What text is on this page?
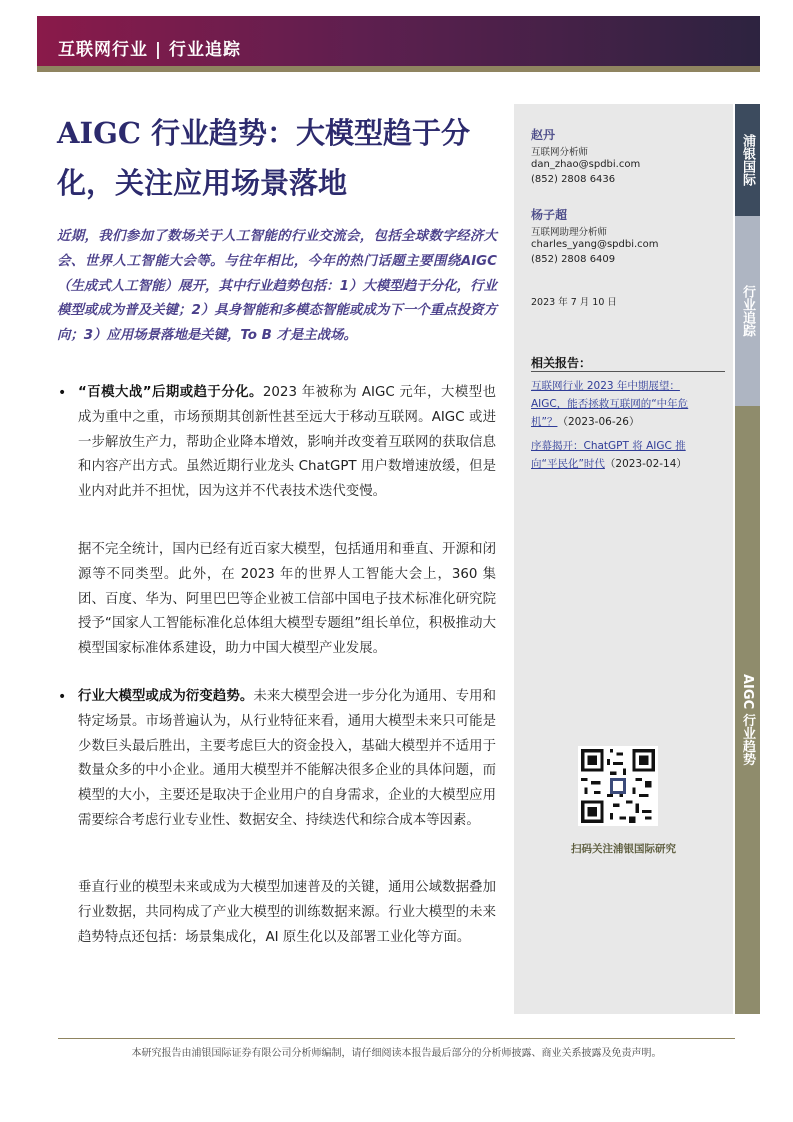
互联网行业 | 行业追踪
AIGC 行业趋势：大模型趋于分化，关注应用场景落地
近期，我们参加了数场关于人工智能的行业交流会，包括全球数字经济大会、世界人工智能大会等。与往年相比，今年的热门话题主要围绕AIGC（生成式人工智能）展开，其中行业趋势包括：1）大模型趋于分化，行业模型或成为普及关键；2）具身智能和多模态智能或成为下一个重点投资方向；3）应用场景落地是关键，To B 才是主战场。
• “百模大战”后期或趋于分化。2023 年被称为 AIGC 元年，大模型也成为重中之重，市场预期其创新性甚至远大于移动互联网。AIGC 或进一步解放生产力，帮助企业降本增效，影响并改变着互联网的获取信息和内容产出方式。虽然近期行业龙头 ChatGPT 用户数增速放缓，但是业内对此并不担忧，因为这并不代表技术迭代变慢。
据不完全统计，国内已经有近百家大模型，包括通用和垂直、开源和闭源等不同类型。此外，在 2023 年的世界人工智能大会上，360 集团、百度、华为、阿里巴巴等企业被工信部中国电子技术标准化研究院授予“国家人工智能标准化总体组大模型专题组”组长单位，积极推动大模型国家标准体系建设，助力中国大模型产业发展。
• 行业大模型或成为衍变趋势。未来大模型会进一步分化为通用、专用和特定场景。市场普遍认为，从行业特征来看，通用大模型未来只可能是少数巨头最后胜出，主要考虑巨大的资金投入，基础大模型并不适用于数量众多的中小企业。通用大模型并不能解决很多企业的具体问题，而模型的大小，主要还是取决于企业用户的自身需求，企业的大模型应用需要综合考虑行业专业性、数据安全、持续迭代和综合成本等因素。
垂直行业的模型未来或成为大模型加速普及的关键，通用公域数据叠加行业数据，共同构成了产业大模型的训练数据来源。行业大模型的未来趋势特点还包括：场景集成化，AI 原生化以及部署工业化等方面。
赵丹
互联网分析师
dan_zhao@spdbi.com
(852) 2808 6436
杨子超
互联网助理分析师
charles_yang@spdbi.com
(852) 2808 6409
2023 年 7 月 10 日
相关报告：
互联网行业 2023 年中期展望：AIGC，能否拯救互联网的“中年危机”？（2023-06-26）
序幕揭开：ChatGPT 将 AIGC 推向“平民化”时代（2023-02-14）
扫码关注浦银国际研究
浦银国际
行业追踪
AIGC 行业趋势
本研究报告由浦银国际证券有限公司分析师编制，请仔细阅读本报告最后部分的分析师披露、商业关系披露及免责声明。
